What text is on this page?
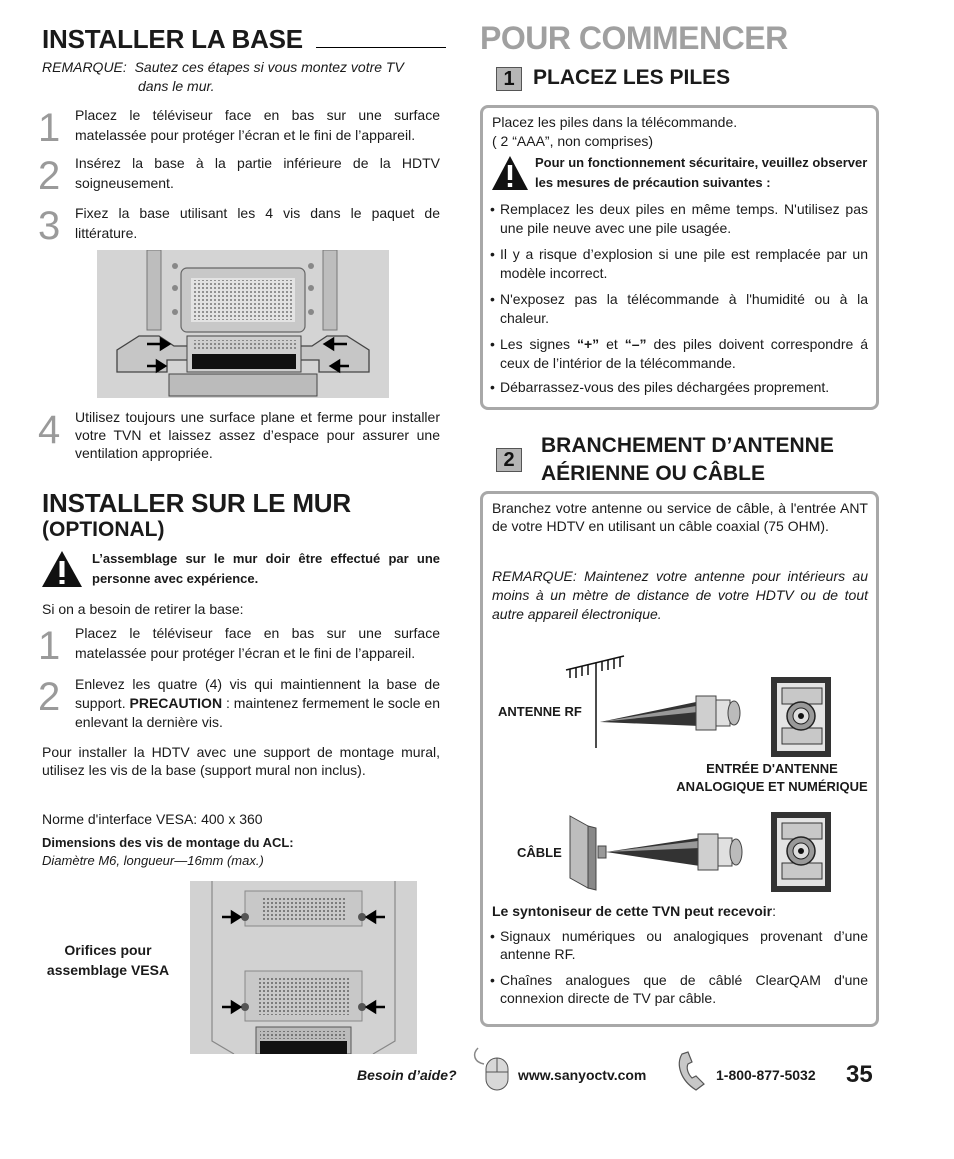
INSTALLER LA BASE
REMARQUE: Sautez ces étapes si vous montez votre TV
dans le mur.
1 Placez le téléviseur face en bas sur une surface matelassée pour protéger l’écran et le fini de l’appareil.
2 Insérez la base à la partie inférieure de la HDTV soigneusement.
3 Fixez la base utilisant les 4 vis dans le paquet de littérature.
4 Utilisez toujours une surface plane et ferme pour installer votre TVN et laissez assez d’espace pour assurer une ventilation appropriée.
INSTALLER SUR LE MUR
(OPTIONAL)
L’assemblage sur le mur doir être effectué par une personne avec expérience.
Si on a besoin de retirer la base:
1 Placez le téléviseur face en bas sur une surface matelassée pour protéger l’écran et le fini de l’appareil.
2 Enlevez les quatre (4) vis qui maintiennent la base de support. PRECAUTION : maintenez fermement le socle en enlevant la dernière vis.
Pour installer la HDTV avec une support de montage mural, utilisez les vis de la base (support mural non inclus).
Norme d'interface VESA: 400 x 360
Dimensions des vis de montage du ACL:
Diamètre M6, longueur—16mm (max.)
Orifices pour
assemblage VESA
POUR COMMENCER
1 PLACEZ LES PILES
Placez les piles dans la télécommande.
( 2 “AAA”, non comprises)
Pour un fonctionnement sécuritaire, veuillez observer les mesures de précaution suivantes :
• Remplacez les deux piles en même temps. N'utilisez pas une pile neuve avec une pile usagée.
• Il y a risque d’explosion si une pile est remplacée par un modèle incorrect.
• N'exposez pas la télécommande à l'humidité ou à la chaleur.
• Les signes “+” et “–” des piles doivent correspondre á ceux de l’intérior de la télécommande.
• Débarrassez-vous des piles déchargées proprement.
2
BRANCHEMENT D’ANTENNE
AÉRIENNE OU CÂBLE
Branchez votre antenne ou service de câble, à l'entrée ANT de votre HDTV en utilisant un câble coaxial (75 OHM).
REMARQUE: Maintenez votre antenne pour intérieurs au moins à un mètre de distance de votre HDTV ou de tout autre appareil électronique.
ANTENNE RF
ENTRÉE D'ANTENNE
ANALOGIQUE ET NUMÉRIQUE
CÂBLE
Le syntoniseur de cette TVN peut recevoir:
• Signaux numériques ou analogiques provenant d’une antenne RF.
• Chaînes analogues que de câblé ClearQAM d'une connexion directe de TV par câble.
Besoin d’aide?	www.sanyoctv.com	1-800-877-5032 35
